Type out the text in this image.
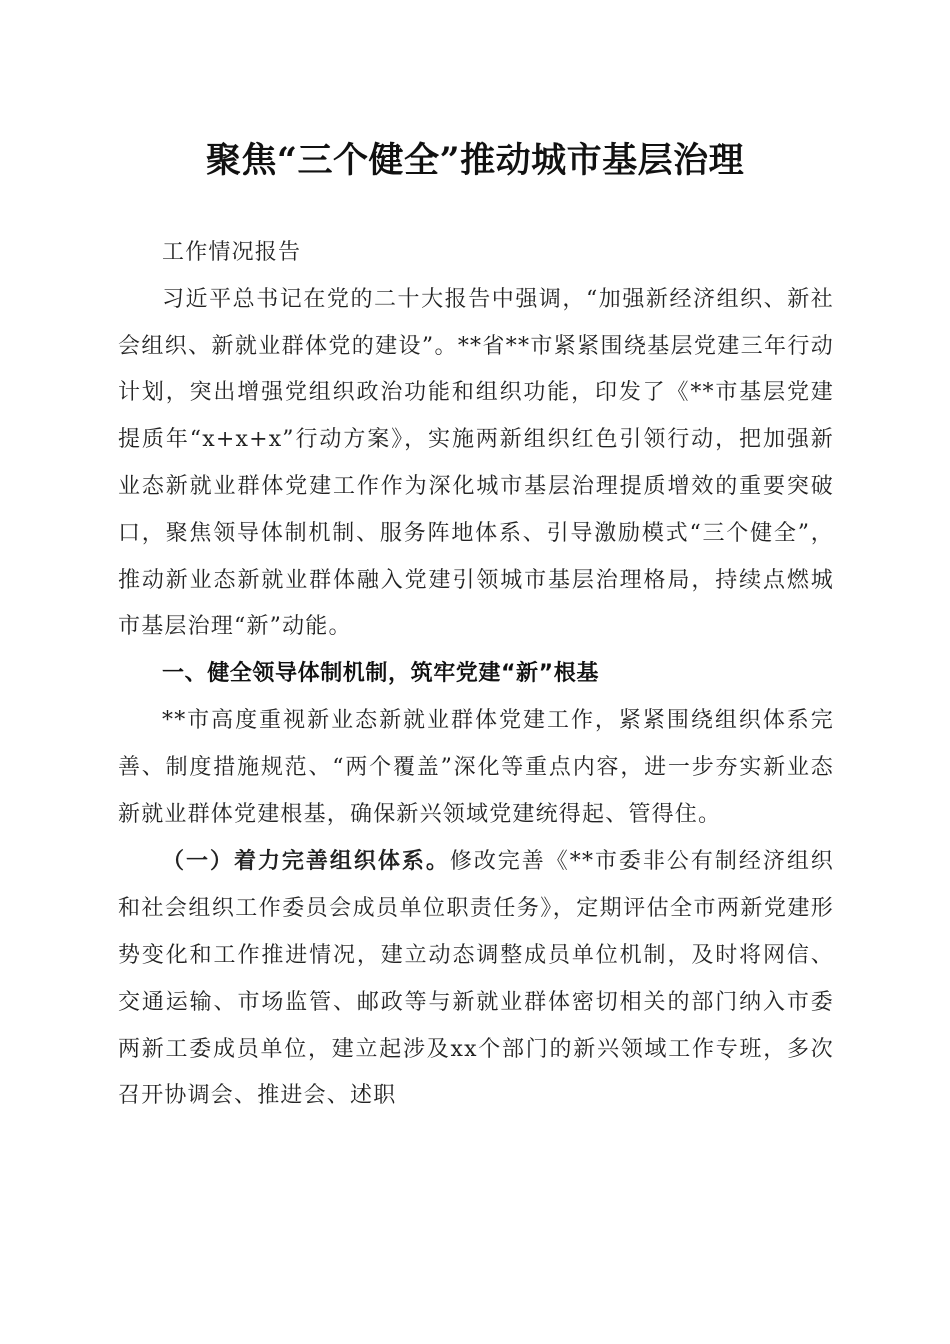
聚焦“三个健全”推动城市基层治理

工作情况报告

习近平总书记在党的二十大报告中强调，“加强新经济组织、新社会组织、新就业群体党的建设”。**省**市紧紧围绕基层党建三年行动计划，突出增强党组织政治功能和组织功能，印发了《**市基层党建提质年“x+x+x”行动方案》，实施两新组织红色引领行动，把加强新业态新就业群体党建工作作为深化城市基层治理提质增效的重要突破口，聚焦领导体制机制、服务阵地体系、引导激励模式“三个健全”，推动新业态新就业群体融入党建引领城市基层治理格局，持续点燃城市基层治理“新”动能。

一、健全领导体制机制，筑牢党建“新”根基

**市高度重视新业态新就业群体党建工作，紧紧围绕组织体系完善、制度措施规范、“两个覆盖”深化等重点内容，进一步夯实新业态新就业群体党建根基，确保新兴领域党建统得起、管得住。

（一）着力完善组织体系。修改完善《**市委非公有制经济组织和社会组织工作委员会成员单位职责任务》，定期评估全市两新党建形势变化和工作推进情况，建立动态调整成员单位机制，及时将网信、交通运输、市场监管、邮政等与新就业群体密切相关的部门纳入市委两新工委成员单位，建立起涉及xx个部门的新兴领域工作专班，多次召开协调会、推进会、述职
